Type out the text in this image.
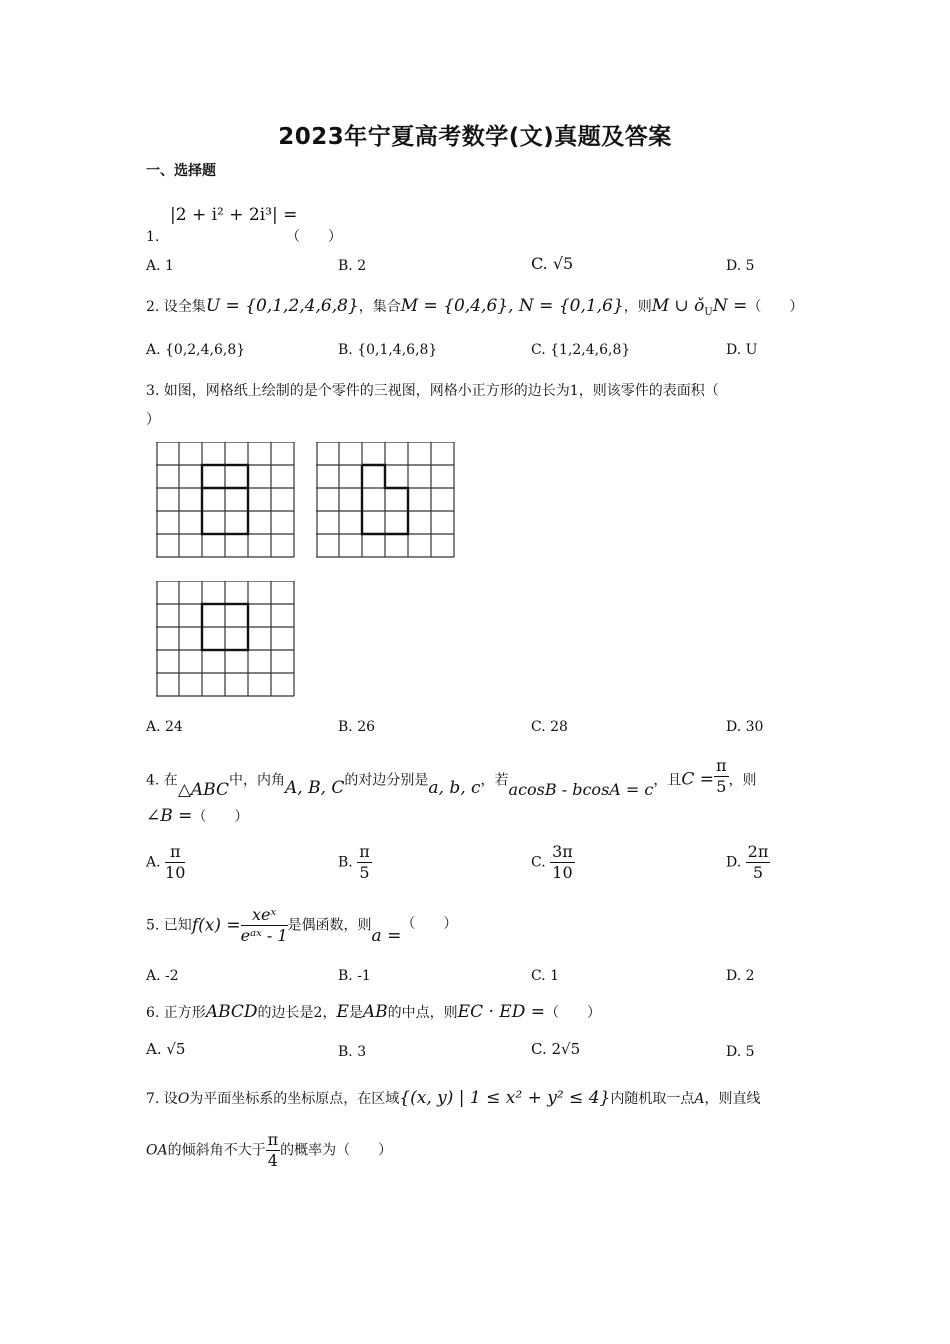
2023年宁夏高考数学(文)真题及答案
一、选择题
1.
|2 + i² + 2i³| =
（　　）
A. 1	B. 2	C. √5	D. 5
2. 设全集U = {0,1,2,4,6,8}，集合M = {0,4,6}, N = {0,1,6}，则M ∪ $ǒ_UN$ =（　　）
A. {0,2,4,6,8}	B. {0,1,4,6,8}	C. {1,2,4,6,8}	D. U
3. 如图，网格纸上绘制的是个零件的三视图，网格小正方形的边长为1，则该零件的表面积（
）
A. 24	B. 26	C. 28	D. 30
4. 在△ABC中，内角A, B, C的对边分别是a, b, c，若acosB - bcosA = c，且$C = \frac{\pi}{5}$ ，则
∠B =（　　）
A. $\frac{\pi}{10}$	B. $\frac{\pi}{5}$	C. $\frac{3\pi}{10}$	D. $\frac{2\pi}{5}$
5. 已知$f(x) = \frac{\text{xeˣ}}{\text{eᵃˣ - 1}}$ 是偶函数，则a =（　　）
A. -2	B. -1	C. 1	D. 2
6. 正方形ABCD的边长是2，E是AB的中点，则EC · ED =（　　）
A. √5	B. 3	C. 2√5	D. 5
7. 设O为平面坐标系的坐标原点，在区域{(x, y) | 1 ≤ x² + y² ≤ 4}内随机取一点A，则直线
OA的倾斜角不大于 $\frac{\pi}{4}$ 的概率为（　　）
